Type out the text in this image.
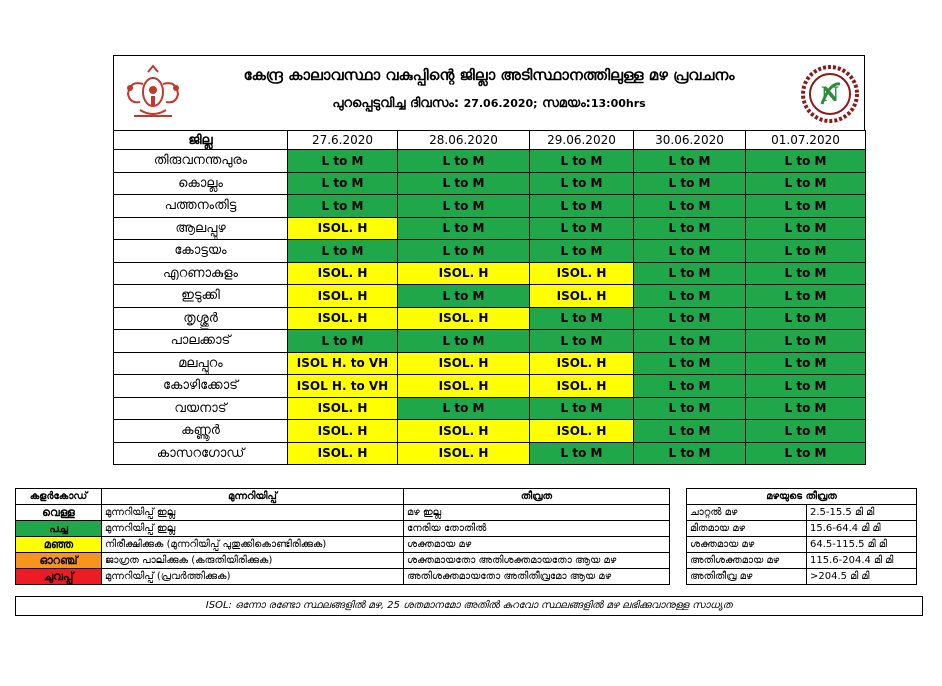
കേന്ദ്ര കാലാവസ്ഥാ വകുപ്പിന്റെ ജില്ലാ അടിസ്ഥാനത്തിലുള്ള മഴ പ്രവചനം
പുറപ്പെടുവിച്ച ദിവസം: 27.06.2020; സമയം:13:00hrs	N
ജില്ല	27.6.2020	28.06.2020	29.06.2020	30.06.2020	01.07.2020
തിരുവനന്തപുരം	L to M	L to M	L to M	L to M	L to M
കൊല്ലം	L to M	L to M	L to M	L to M	L to M
പത്തനംതിട്ട	L to M	L to M	L to M	L to M	L to M
ആലപ്പുഴ	ISOL. H	L to M	L to M	L to M	L to M
കോട്ടയം	L to M	L to M	L to M	L to M	L to M
എറണാകുളം	ISOL. H	ISOL. H	ISOL. H	L to M	L to M
ഇടുക്കി	ISOL. H	L to M	ISOL. H	L to M	L to M
തൃശ്ശൂർ	ISOL. H	ISOL. H	L to M	L to M	L to M
പാലക്കാട്	L to M	L to M	L to M	L to M	L to M
മലപ്പുറം	ISOL H. to VH	ISOL. H	ISOL. H	L to M	L to M
കോഴിക്കോട്	ISOL H. to VH	ISOL. H	ISOL. H	L to M	L to M
വയനാട്	ISOL. H	L to M	L to M	L to M	L to M
കണ്ണൂർ	ISOL. H	ISOL. H	ISOL. H	L to M	L to M
കാസറഗോഡ്	ISOL. H	ISOL. H	L to M	L to M	L to M
കളർകോഡ്	മുന്നറിയിപ്പ്	തീവ്രത
വെള്ള	മുന്നറിയിപ്പ് ഇല്ല	മഴ ഇല്ല
പച്ച	മുന്നറിയിപ്പ് ഇല്ല	നേരിയ തോതിൽ
മഞ്ഞ	നിരീക്ഷിക്കുക (മുന്നറിയിപ്പ് പുതുക്കികൊണ്ടിരിക്കുക)	ശക്തമായ മഴ
ഓറഞ്ച്	ജാഗ്രത പാലിക്കുക (കരുതിയിരിക്കുക)	ശക്തമായതോ അതിശക്തമായതോ ആയ മഴ
ചുവപ്പ്	മുന്നറിയിപ്പ് (പ്രവർത്തിക്കുക)	അതിശക്തമായതോ അതിതീവ്രമോ ആയ മഴ
മഴയുടെ തീവ്രത	
ചാറ്റൽ മഴ	2.5-15.5 മി മി
മിതമായ മഴ	15.6-64.4 മി മി
ശക്തമായ മഴ	64.5-115.5 മി മി
അതിശക്തമായ മഴ	115.6-204.4 മി മി
അതിതീവ്ര മഴ	>204.5 മി മി
ISOL: ഒന്നോ രണ്ടോ സ്ഥലങ്ങളിൽ മഴ, 25 ശതമാനമോ അതിൽ കുറവോ സ്ഥലങ്ങളിൽ മഴ ലഭിക്കുവാനുള്ള സാധ്യത
